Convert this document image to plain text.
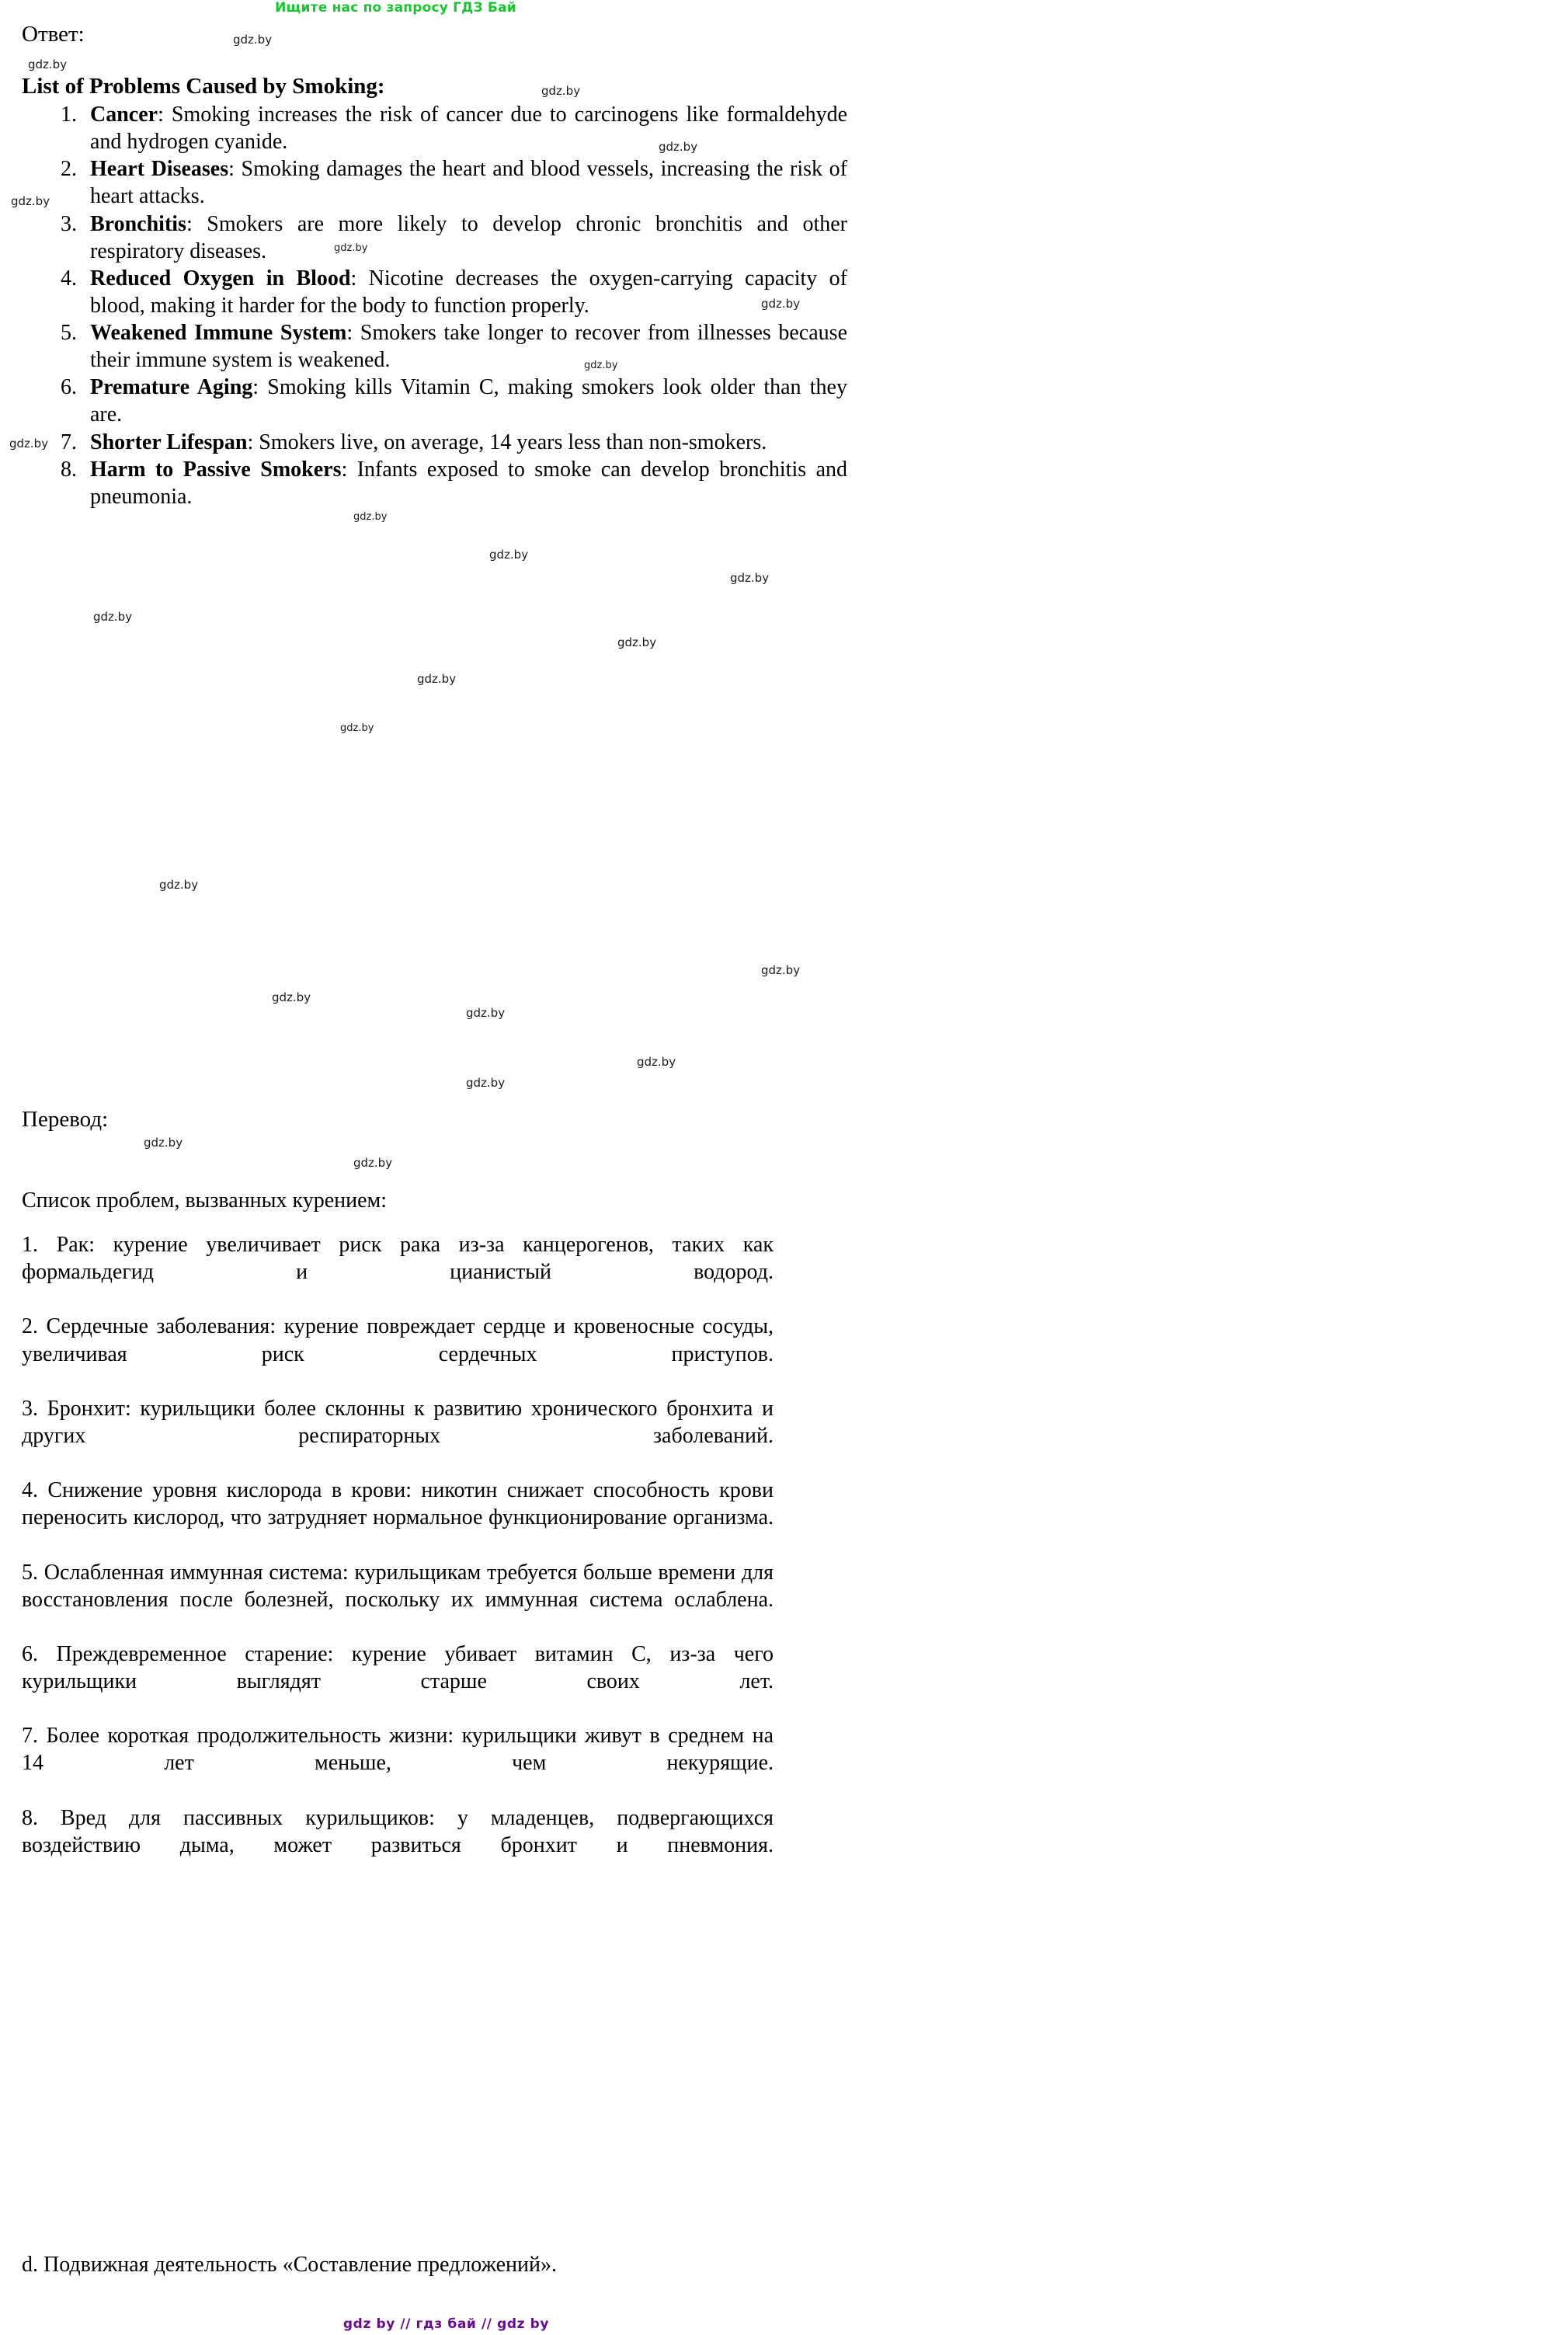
Ищите нас по запросу ГДЗ Бай
Ответ:
List of Problems Caused by Smoking:
1. Cancer: Smoking increases the risk of cancer due to carcinogens like formaldehyde and hydrogen cyanide.
2. Heart Diseases: Smoking damages the heart and blood vessels, increasing the risk of heart attacks.
3. Bronchitis: Smokers are more likely to develop chronic bronchitis and other respiratory diseases.
4. Reduced Oxygen in Blood: Nicotine decreases the oxygen-carrying capacity of blood, making it harder for the body to function properly.
5. Weakened Immune System: Smokers take longer to recover from illnesses because their immune system is weakened.
6. Premature Aging: Smoking kills Vitamin C, making smokers look older than they are.
7. Shorter Lifespan: Smokers live, on average, 14 years less than non-smokers.
8. Harm to Passive Smokers: Infants exposed to smoke can develop bronchitis and pneumonia.
Перевод:
Список проблем, вызванных курением:

1. Рак: курение увеличивает риск рака из-за канцерогенов, таких как формальдегид и цианистый водород.

2. Сердечные заболевания: курение повреждает сердце и кровеносные сосуды, увеличивая риск сердечных приступов.

3. Бронхит: курильщики более склонны к развитию хронического бронхита и других респираторных заболеваний.

4. Снижение уровня кислорода в крови: никотин снижает способность крови переносить кислород, что затрудняет нормальное функционирование организма.

5. Ослабленная иммунная система: курильщикам требуется больше времени для восстановления после болезней, поскольку их иммунная система ослаблена.

6. Преждевременное старение: курение убивает витамин C, из-за чего курильщики выглядят старше своих лет.

7. Более короткая продолжительность жизни: курильщики живут в среднем на 14 лет меньше, чем некурящие.

8. Вред для пассивных курильщиков: у младенцев, подвергающихся воздействию дыма, может развиться бронхит и пневмония.

d. Подвижная деятельность «Составление предложений».
gdz.by
gdz.by
gdz.by
gdz.by
gdz.by
gdz.by
gdz.by
gdz.by
gdz.by
gdz.by
gdz.by
gdz.by
gdz.by
gdz.by
gdz.by
gdz.by
gdz.by
gdz.by
gdz.by
gdz.by
gdz.by
gdz.by
gdz.by
gdz.by
gdz by // гдз бай // gdz by
